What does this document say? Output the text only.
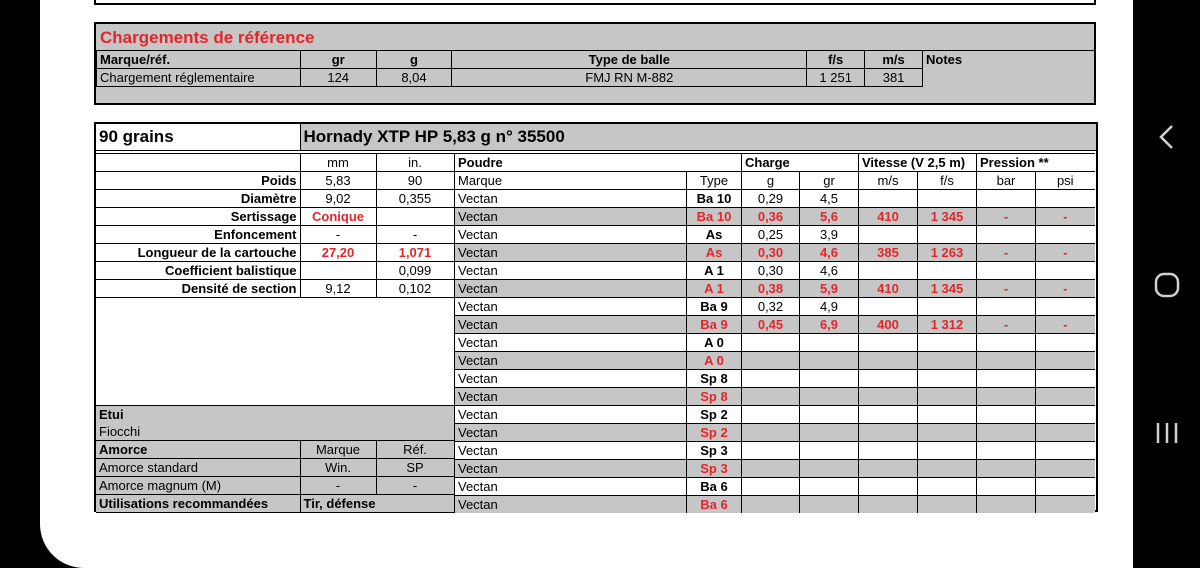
Chargements de référence
Marque/réf.	gr	g	Type de balle	f/s	m/s	Notes
Chargement réglementaire	124	8,04	FMJ RN M-882	1 251	381	
90 grains	Hornady XTP HP 5,83 g n° 35500
	mm	in.
Poids	5,83	90
Diamètre	9,02	0,355
Sertissage	Conique	
Enfoncement	-	-
Longueur de la cartouche	27,20	1,071
Coefficient balistique		0,099
Densité de section	9,12	0,102

Etui		
Fiocchi		
Amorce	Marque	Réf.
Amorce standard	Win.	SP
Amorce magnum (M)	-	-
Utilisations recommandées	Tir, défense	
Poudre		Charge		Vitesse (V 2,5 m)		Pression **	
Marque	Type	g	gr	m/s	f/s	bar	psi
Vectan	Ba 10	0,29	4,5				
Vectan	Ba 10	0,36	5,6	410	1 345	-	-
Vectan	As	0,25	3,9				
Vectan	As	0,30	4,6	385	1 263	-	-
Vectan	A 1	0,30	4,6				
Vectan	A 1	0,38	5,9	410	1 345	-	-
Vectan	Ba 9	0,32	4,9				
Vectan	Ba 9	0,45	6,9	400	1 312	-	-
Vectan	A 0						
Vectan	A 0						
Vectan	Sp 8						
Vectan	Sp 8						
Vectan	Sp 2						
Vectan	Sp 2						
Vectan	Sp 3						
Vectan	Sp 3						
Vectan	Ba 6						
Vectan	Ba 6						
